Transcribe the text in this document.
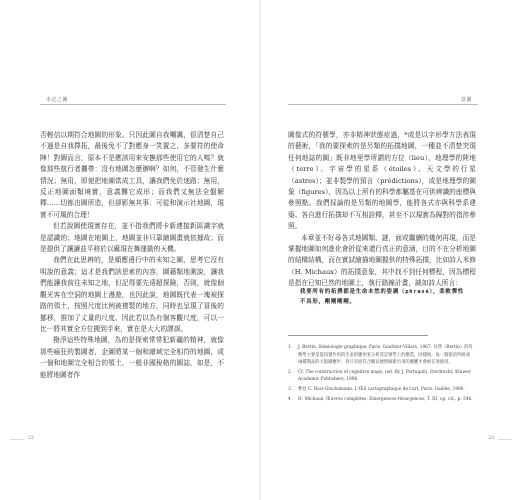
未定之圖

否輕信以期符合地圖的形象。只因此圖自我嘲諷，很清楚自己不過是自我擇拓，最後免不了對應身一笑置之，多要符的使命陣！對圖而言，原本不是應該用來安撫那些使用它的人嗎？就像那些航行者攜帶：沒有地圖怎麼辦啊？如何，不管發生什麼情況；無用，即便把地圖當成工具，讓我們免於迷路；無用，反正地圖面類境實，意義難它成形；而我們又無法全盤解釋……切都由圖所造，但卻影無其事：可從和演示社地圖，現實不可風的合理！

但若說圖使現實存在，並不指我們將卡新連接新區識字就是認識的；地圖在地圖上，地圖並非只靠繪圖畫就依據故；而是提供了讓讀並平移於以廠現在舞運動的天機。

我們在此思辨的，是順應邊行中的未知之圖，思考它沒有明說的意義；這才是我們該思索的內容，圖藉類地測說，讓我們能讓我前往未知之地，但記得要先遠超探險，否則，就像個觀光客在空洞的地圖上漫遊，也因此說，地圖既代表一塊被探路的領土，按照尺度比例被複製的地方，同時也呈現了冒後的挪移，推加了丈量的尺度、因此若以為有個客觀尺度，可以一比一將其實全方位搬到手來，實在是大大的謬誤。

撥淨這些特殊地圖，為的是探索常常犯新疆的精神，就像那些瘋狂的製圖者，企圖將某一個和繪域完全相符的地圖，或一個和地圖完全相合的領土，一般非國稅格的圖誌，如是，不能將地圖者作

22
意圖

圖像式的符號學，亦非精神狀態症過，*或是以字形學方法表現的藝術，「我的要探索的是另類的拓撲地圖，一種並不清楚突現任何地誌的圖」既非地里學所謂的方位（lieu），地理學的陸地（terre）、宇宙學的星系（étoiles）、天文學的行星（astres）；並非製學的預言（prédictions），或是地理學的圖象（figures），因為以上所有的科學都屬基在可供辨識的座標與參照點。我們採論的是另類的地圖學，能將各式亦與科學系建築、各自進行拓撲却不互相詮釋，甚至不以規實為歸對的指涉參照。

本章並不好尋各式地圖類、謎，面或繼續的幾何再現，而是掌握地圖如何進化會折從來還行真正的意涵，目的不在分析地圖的結構結構，而在實試繪描地圖握供的特殊拓撲，比如詩人米修（H. Michaux）的拓撲意象，其中找不到任何標程，因為標程是指在已知已然的地圖上，執行路線計畫，誠如詩人所言：

我要所有的拓撲都是生命本然的姿調（phrasé），柔軟彈性不具形，剛剛剛剛。
1.	J. Bertin, Sémiologie graphique, Paris, Gauthier-Villars, 1967. 貝賀（Bertin）的符號學主要是從知覺作用的生求的應用來分析其記號學上的應當，同樣地，每一個領語所組成兩種期品的大版圖應甲、但只有原符合關以便照解新出來的圖應才會被在效使用。
2.	Cf. The construction of cognitive maps, (ed. By J. Portugali), Dordrecht, Kluwer Academic Publishers, 1996.
3.	參見 C. Buci-Glucksmann, L'Œil cartographique de l'art, Paris, Galilée, 1996.
4.	H. Michaux, Œuvres complètes, Emergences-résurgences, T. III, op. cit., p. 546.
23
